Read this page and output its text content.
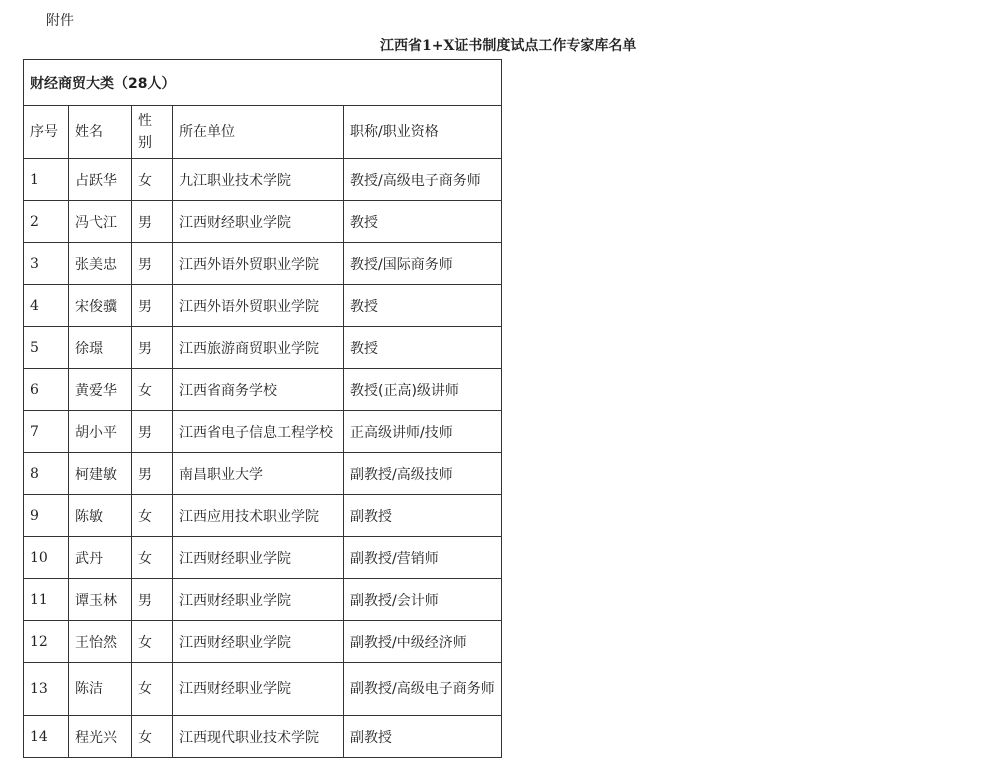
附件
江西省1+X证书制度试点工作专家库名单
财经商贸大类（28人）				
序号	姓名	性别	所在单位	职称/职业资格
1	占跃华	女	九江职业技术学院	教授/高级电子商务师
2	冯弋江	男	江西财经职业学院	教授
3	张美忠	男	江西外语外贸职业学院	教授/国际商务师
4	宋俊骥	男	江西外语外贸职业学院	教授
5	徐璟	男	江西旅游商贸职业学院	教授
6	黄爱华	女	江西省商务学校	教授(正高)级讲师
7	胡小平	男	江西省电子信息工程学校	正高级讲师/技师
8	柯建敏	男	南昌职业大学	副教授/高级技师
9	陈敏	女	江西应用技术职业学院	副教授
10	武丹	女	江西财经职业学院	副教授/营销师
11	谭玉林	男	江西财经职业学院	副教授/会计师
12	王怡然	女	江西财经职业学院	副教授/中级经济师
13	陈洁	女	江西财经职业学院	副教授/高级电子商务师
14	程光兴	女	江西现代职业技术学院	副教授
